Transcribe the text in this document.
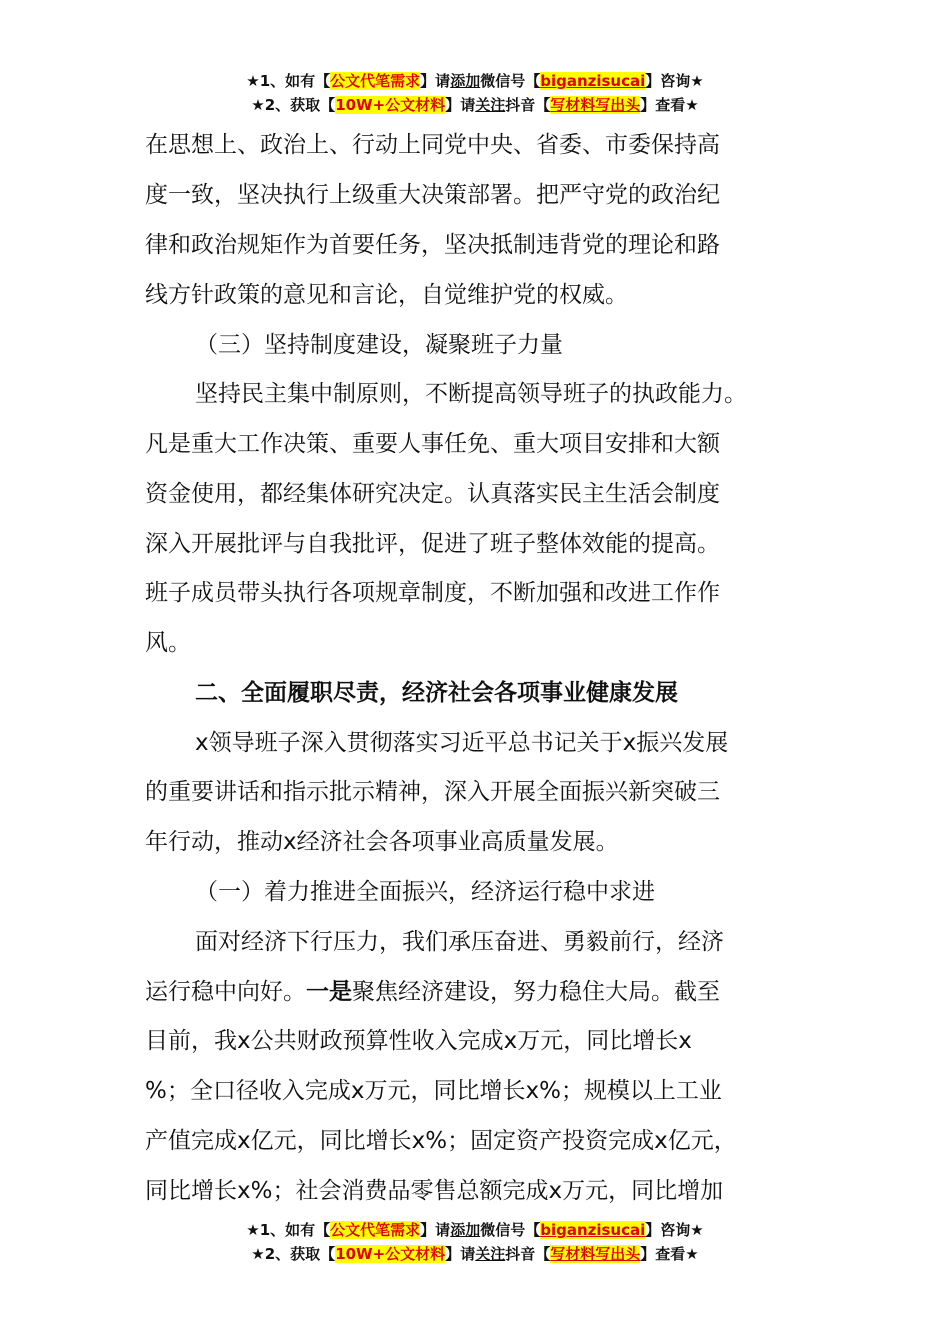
★1、如有【公文代笔需求】请添加微信号【biganzisucai】咨询★
★2、获取【10W+公文材料】请关注抖音【写材料写出头】查看★
在思想上、政治上、行动上同党中央、省委、市委保持高
度一致，坚决执行上级重大决策部署。把严守党的政治纪
律和政治规矩作为首要任务，坚决抵制违背党的理论和路
线方针政策的意见和言论，自觉维护党的权威。
（三）坚持制度建设，凝聚班子力量
坚持民主集中制原则，不断提高领导班子的执政能力。
凡是重大工作决策、重要人事任免、重大项目安排和大额
资金使用，都经集体研究决定。认真落实民主生活会制度
深入开展批评与自我批评，促进了班子整体效能的提高。
班子成员带头执行各项规章制度，不断加强和改进工作作
风。
二、全面履职尽责，经济社会各项事业健康发展
x领导班子深入贯彻落实习近平总书记关于x振兴发展
的重要讲话和指示批示精神，深入开展全面振兴新突破三
年行动，推动x经济社会各项事业高质量发展。
（一）着力推进全面振兴，经济运行稳中求进
面对经济下行压力，我们承压奋进、勇毅前行，经济
运行稳中向好。一是聚焦经济建设，努力稳住大局。截至
目前，我x公共财政预算性收入完成x万元，同比增长x
%；全口径收入完成x万元，同比增长x%；规模以上工业
产值完成x亿元，同比增长x%；固定资产投资完成x亿元，
同比增长x%；社会消费品零售总额完成x万元，同比增加
★1、如有【公文代笔需求】请添加微信号【biganzisucai】咨询★
★2、获取【10W+公文材料】请关注抖音【写材料写出头】查看★
